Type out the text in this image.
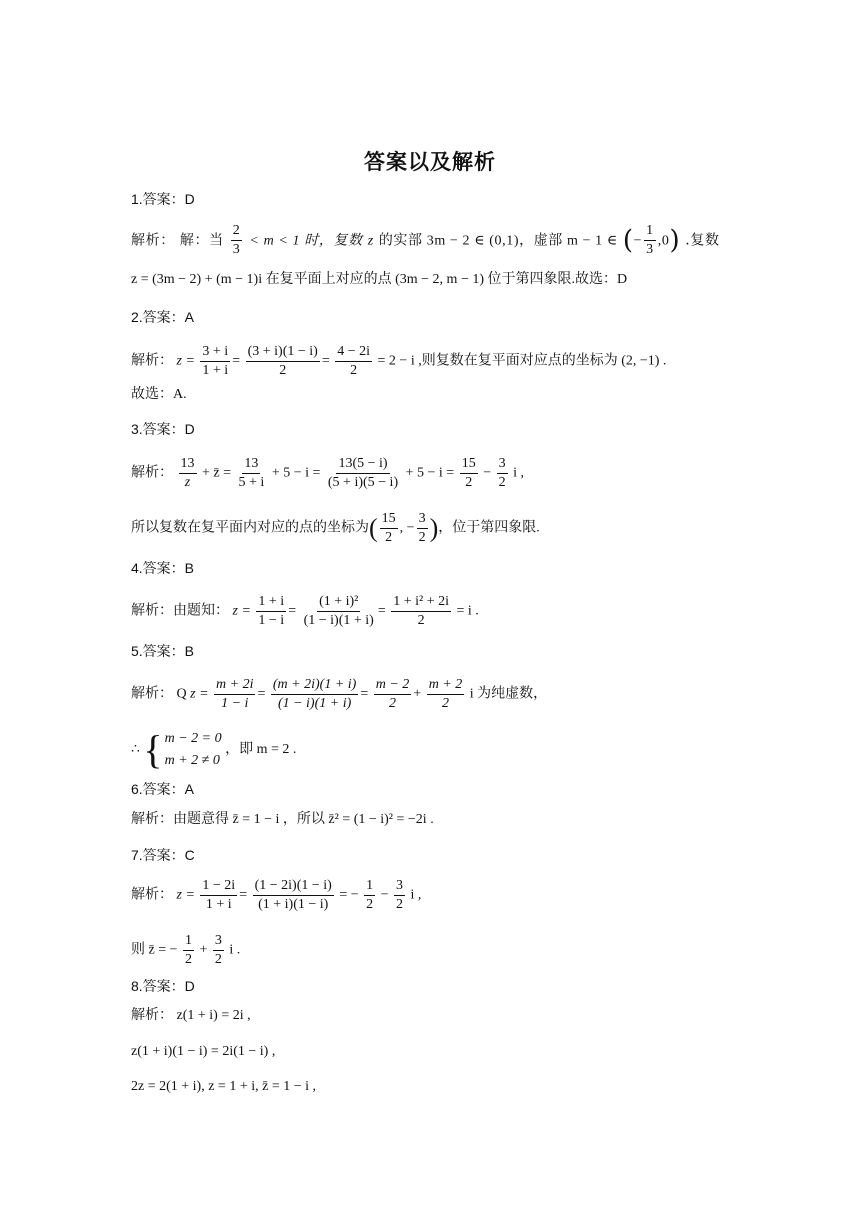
答案以及解析
1.答案：D
解析： 解：当 $\frac{2}{3} < m < 1$ 时，复数 z 的实部 3m − 2 ∈ (0,1)，虚部 m − 1 ∈ (− $\frac{1}{3} ,0$) .复数
z = (3m − 2) + (m − 1)i 在复平面上对应的点 (3m − 2, m − 1) 位于第四象限.故选：D
2.答案：A
解析： $z = \frac{3 + i}{1 + i} = \frac{(3 + i)(1 - i)}{2} = \frac{4 - 2i}{2} = 2 - i$ ,则复数在复平面对应点的坐标为 (2, −1) .
故选：A.
3.答案：D
解析： $\frac{13}{z}$ + z̄ = $\frac{13}{5 + i} + 5 - i = \frac{13(5 - i)}{(5 + i)(5 - i)} + 5 - i = \frac{15}{2} - \frac{3}{2}$ i ,
所以复数在复平面内对应的点的坐标为( $\frac{15}{2}$ , − $\frac{3}{2}$ )，位于第四象限.
4.答案：B
解析：由题知： $z = \frac{1 + i}{1 - i} = \frac{\text{(1 + i)²}}{(1 - i)(1 + i)} = \frac{\text{1 + i² + 2i}}{2} = i$ .
5.答案：B
解析： Q $z = \frac{m + 2i}{1 - i} = \frac{(m + 2i)(1 + i)}{(1 - i)(1 + i)} = \frac{m - 2}{2} + \frac{m + 2}{2}$ i 为纯虚数，
∴ { m − 2 = 0
m + 2 ≠ 0
，即 m = 2 .
6.答案：A
解析：由题意得 z̄ = 1 − i ，所以 z̄² = (1 − i)² = −2i .
7.答案：C
解析： $z = \frac{1 - 2i}{1 + i} = \frac{(1 - 2i)(1 - i)}{(1 + i)(1 - i)}$ = − $\frac{1}{2} - \frac{3}{2}$ i ,
则 z̄ = − $\frac{1}{2} + \frac{3}{2}$ i .
8.答案：D
解析： z(1 + i) = 2i ,
z(1 + i)(1 − i) = 2i(1 − i) ,
2z = 2(1 + i), z = 1 + i, z̄ = 1 − i ,
